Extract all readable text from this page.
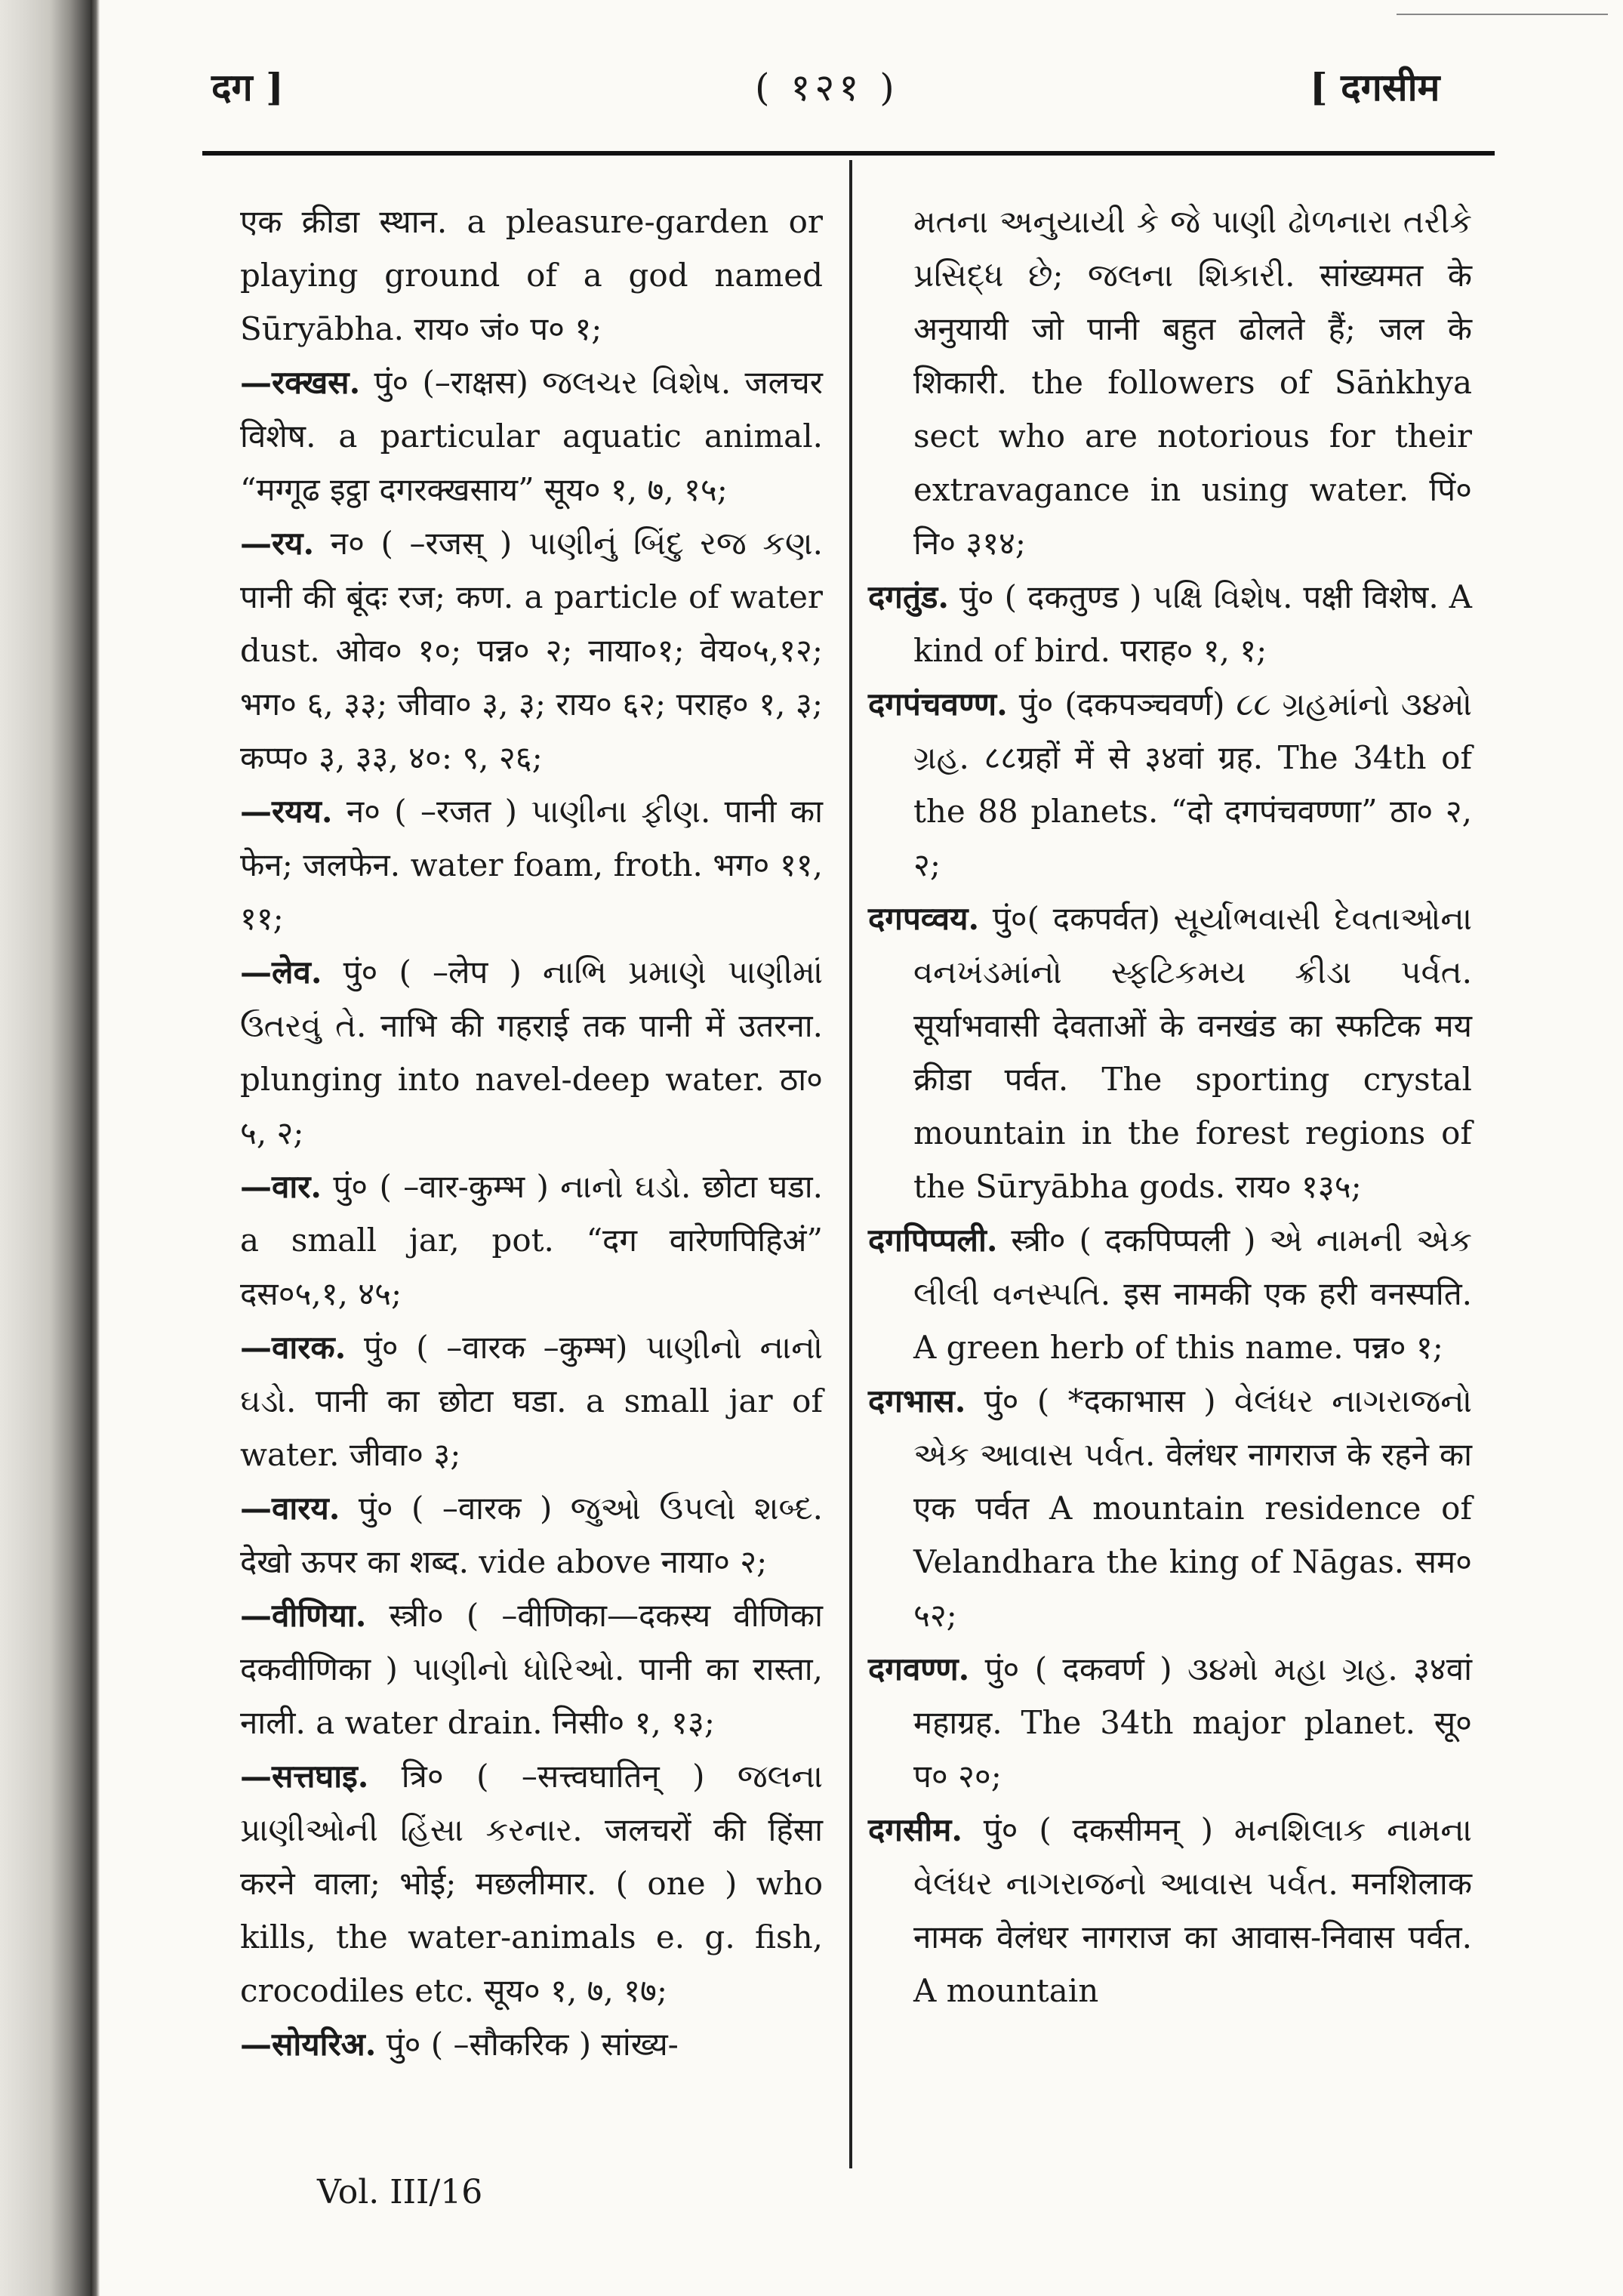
दग ]	( १२१ )	[ दगसीम

एक क्रीडा स्थान. a pleasure-garden or playing ground of a god named Sūryābha. राय० जं० प० १;

—रक्खस. पुं० (–राक्षस) જલચર વિશેષ. जलचर विशेष. a particular aquatic animal. “मग्गूढ इट्ठा दगरक्खसाय” सूय० १, ७, १५;

—रय. न० ( –रजस् ) પાણીનું બિંદુ રજ કણ. पानी की बूंदः रज; कण. a particle of water dust. ओव० १०; पन्न० २; नाया०१; वेय०५,१२; भग० ६, ३३; जीवा० ३, ३; राय० ६२; पराह० १, ३; कप्प० ३, ३३, ४०: ९, २६;

—रयय. न० ( –रजत ) પાણીના ફીણ. पानी का फेन; जलफेन. water foam, froth. भग० ११, ११;

—लेव. पुं० ( –लेप ) નાભિ પ્રમાણે પાણીમાં ઉતરવું તે. नाभि की गहराई तक पानी में उतरना. plunging into navel-deep water. ठा० ५, २;

—वार. पुं० ( –वार-कुम्भ ) નાનો ઘડો. छोटा घडा. a small jar, pot. “दग वारेणपिहिअं” दस०५,१, ४५;

—वारक. पुं० ( –वारक –कुम्भ) પાણીનો નાનો ઘડો. पानी का छोटा घडा. a small jar of water. जीवा० ३;

—वारय. पुं० ( –वारक ) જુઓ ઉપલો શબ્દ. देखो ऊपर का शब्द. vide above नाया० २;

—वीणिया. स्त्री० ( –वीणिका—दकस्य वीणिका दकवीणिका ) પાણીનો ધોરિઓ. पानी का रास्ता, नाली. a water drain. निसी० १, १३;

—सत्तघाइ. त्रि० ( –सत्त्वघातिन् ) જલના પ્રાણીઓની હિંસા કરનાર. जलचरों की हिंसा करने वाला; भोई; मछलीमार. ( one ) who kills, the water-animals e. g. fish, crocodiles etc. सूय० १, ७, १७;

—सोयरिअ. पुं० ( –सौकरिक ) सांख्य-

મતના અનુયાયી કે જે પાણી ઢોળનારા તરીકે પ્રસિદ્ધ છે; જલના શિકારી. सांख्यमत के अनुयायी जो पानी बहुत ढोलते हैं; जल के शिकारी. the followers of Sāṅkhya sect who are notorious for their extravagance in using water. पिं० नि० ३१४;

दगतुंड. पुं० ( दकतुण्ड ) પક્ષિ વિશેષ. पक्षी विशेष. A kind of bird. पराह० १, १;

दगपंचवण्ण. पुं० (दकपञ्चवर्ण) ૮૮ ગ્રહમાંનો ૩૪મો ગ્રહ. ८८ग्रहों में से ३४वां ग्रह. The 34th of the 88 planets. “दो दगपंचवण्णा” ठा० २, २;

दगपव्वय. पुं०( दकपर्वत) સૂર્યાભવાસી દેવતાઓના વનખંડમાંનો સ્ફટિકમય ક્રીડા પર્વત. सूर्याभवासी देवताओं के वनखंड का स्फटिक मय क्रीडा पर्वत. The sporting crystal mountain in the forest regions of the Sūryābha gods. राय० १३५;

दगपिप्पली. स्त्री० ( दकपिप्पली ) એ નામની એક લીલી વનસ્પતિ. इस नामकी एक हरी वनस्पति. A green herb of this name. पन्न० १;

दगभास. पुं० ( *दकाभास ) વેલંધર નાગરાજનો એક આવાસ પર્વત. वेलंधर नागराज के रहने का एक पर्वत A mountain residence of Velandhara the king of Nāgas. सम० ५२;

दगवण्ण. पुं० ( दकवर्ण ) ૩૪મો મહા ગ્રહ. ३४वां महाग्रह. The 34th major planet. सू० प० २०;

दगसीम. पुं० ( दकसीमन् ) મનશિલાક નામના વેલંધર નાગરાજનો આવાસ પર્વત. मनशिलाक नामक वेलंधर नागराज का आवास-निवास पर्वत. A mountain

Vol. III/16
